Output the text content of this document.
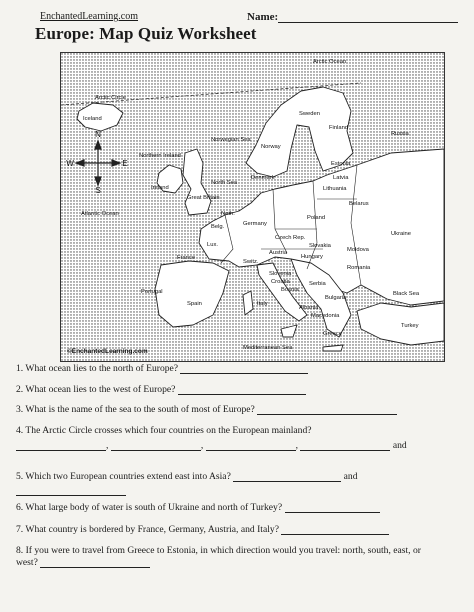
EnchantedLearning.com	Name:
Europe: Map Quiz Worksheet
N
S
W	E
Arctic Ocean
Arctic Circle
Iceland
Norwegian Sea
Sweden
Finland
Russia
Norway
Estonia
Latvia
Lithuania
Belarus
North Sea
Northern Ireland
Ireland
Great Britain
Denmark
Atlantic Ocean	Neth.
Germany
Poland
Ukraine
Belg.
Lux.
Czech Rep.
Slovakia
Moldova
Austria
Hungary
Romania
France
Switz.
Slovenia
Croatia
Bosnia
Serbia
Bulgaria
Black Sea
Portugal
Spain	Italy
Albania
Macedonia
Greece
Turkey
Mediterranean Sea
©EnchantedLearning.com
1. What ocean lies to the north of Europe?
2. What ocean lies to the west of Europe?
3. What is the name of the sea to the south of most of Europe?
4. The Arctic Circle crosses which four countries on the European mainland?
,	,	,	and
5. Which two European countries extend east into Asia?	and
6. What large body of water is south of Ukraine and north of Turkey?
7. What country is bordered by France, Germany, Austria, and Italy?
8. If you were to travel from Greece to Estonia, in which direction would you travel: north, south, east, or
west?
